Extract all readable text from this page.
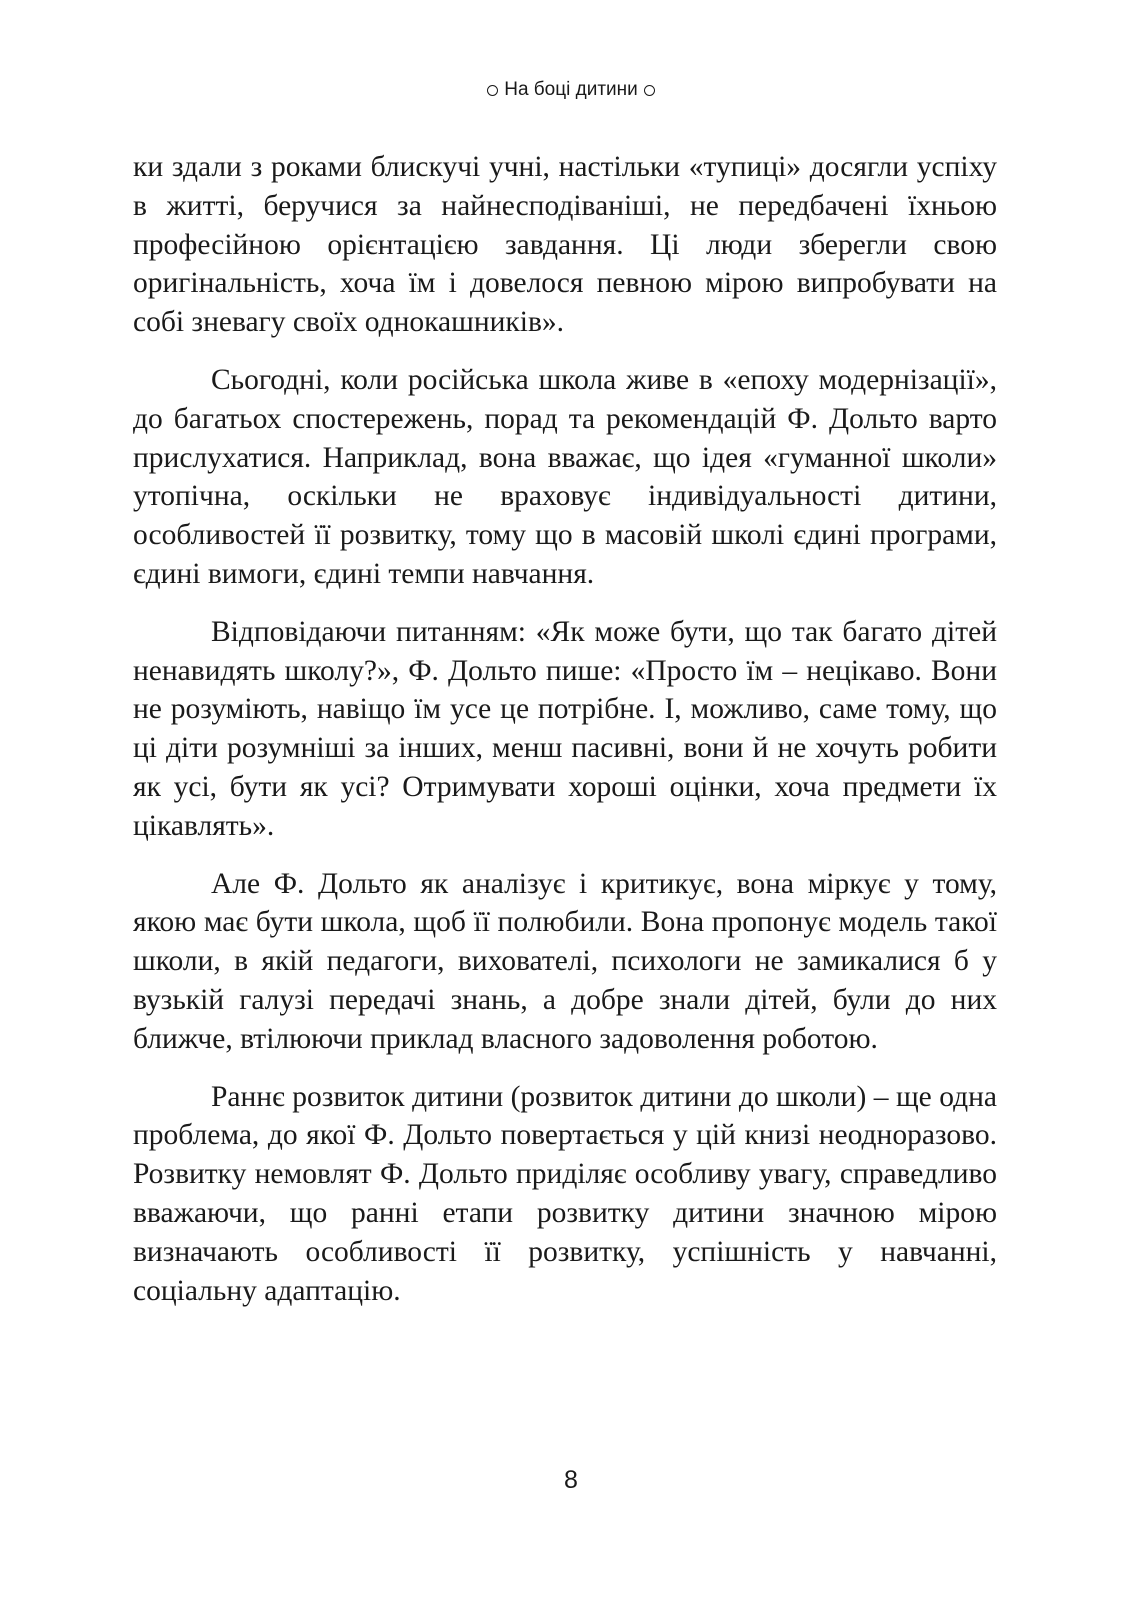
На боці дитини

ки здали з роками блискучі учні, настільки «тупиці» досягли успіху в житті, беручися за найнесподіваніші, не передбачені їхньою професійною орієнтацією завдання. Ці люди зберегли свою оригінальність, хоча їм і довелося певною мірою випробувати на собі зневагу своїх однокашників».

Сьогодні, коли російська школа живе в «епоху модернізації», до багатьох спостережень, порад та рекомендацій Ф. Дольто варто прислухатися. Наприклад, вона вважає, що ідея «гуманної школи» утопічна, оскільки не враховує індивідуальності дитини, особливостей її розвитку, тому що в масовій школі єдині програми, єдині вимоги, єдині темпи навчання.

Відповідаючи питанням: «Як може бути, що так багато дітей ненавидять школу?», Ф. Дольто пише: «Просто їм – нецікаво. Вони не розуміють, навіщо їм усе це потрібне. І, можливо, саме тому, що ці діти розумніші за інших, менш пасивні, вони й не хочуть робити як усі, бути як усі? Отримувати хороші оцінки, хоча предмети їх цікавлять».

Але Ф. Дольто як аналізує і критикує, вона міркує у тому, якою має бути школа, щоб її полюбили. Вона пропонує модель такої школи, в якій педагоги, вихователі, психологи не замикалися б у вузькій галузі передачі знань, а добре знали дітей, були до них ближче, втілюючи приклад власного задоволення роботою.

Раннє розвиток дитини (розвиток дитини до школи) – ще одна проблема, до якої Ф. Дольто повертається у цій книзі неодноразово. Розвитку немовлят Ф. Дольто приділяє особливу увагу, справедливо вважаючи, що ранні етапи розвитку дитини значною мірою визначають особливості її розвитку, успішність у навчанні, соціальну адаптацію.

8
